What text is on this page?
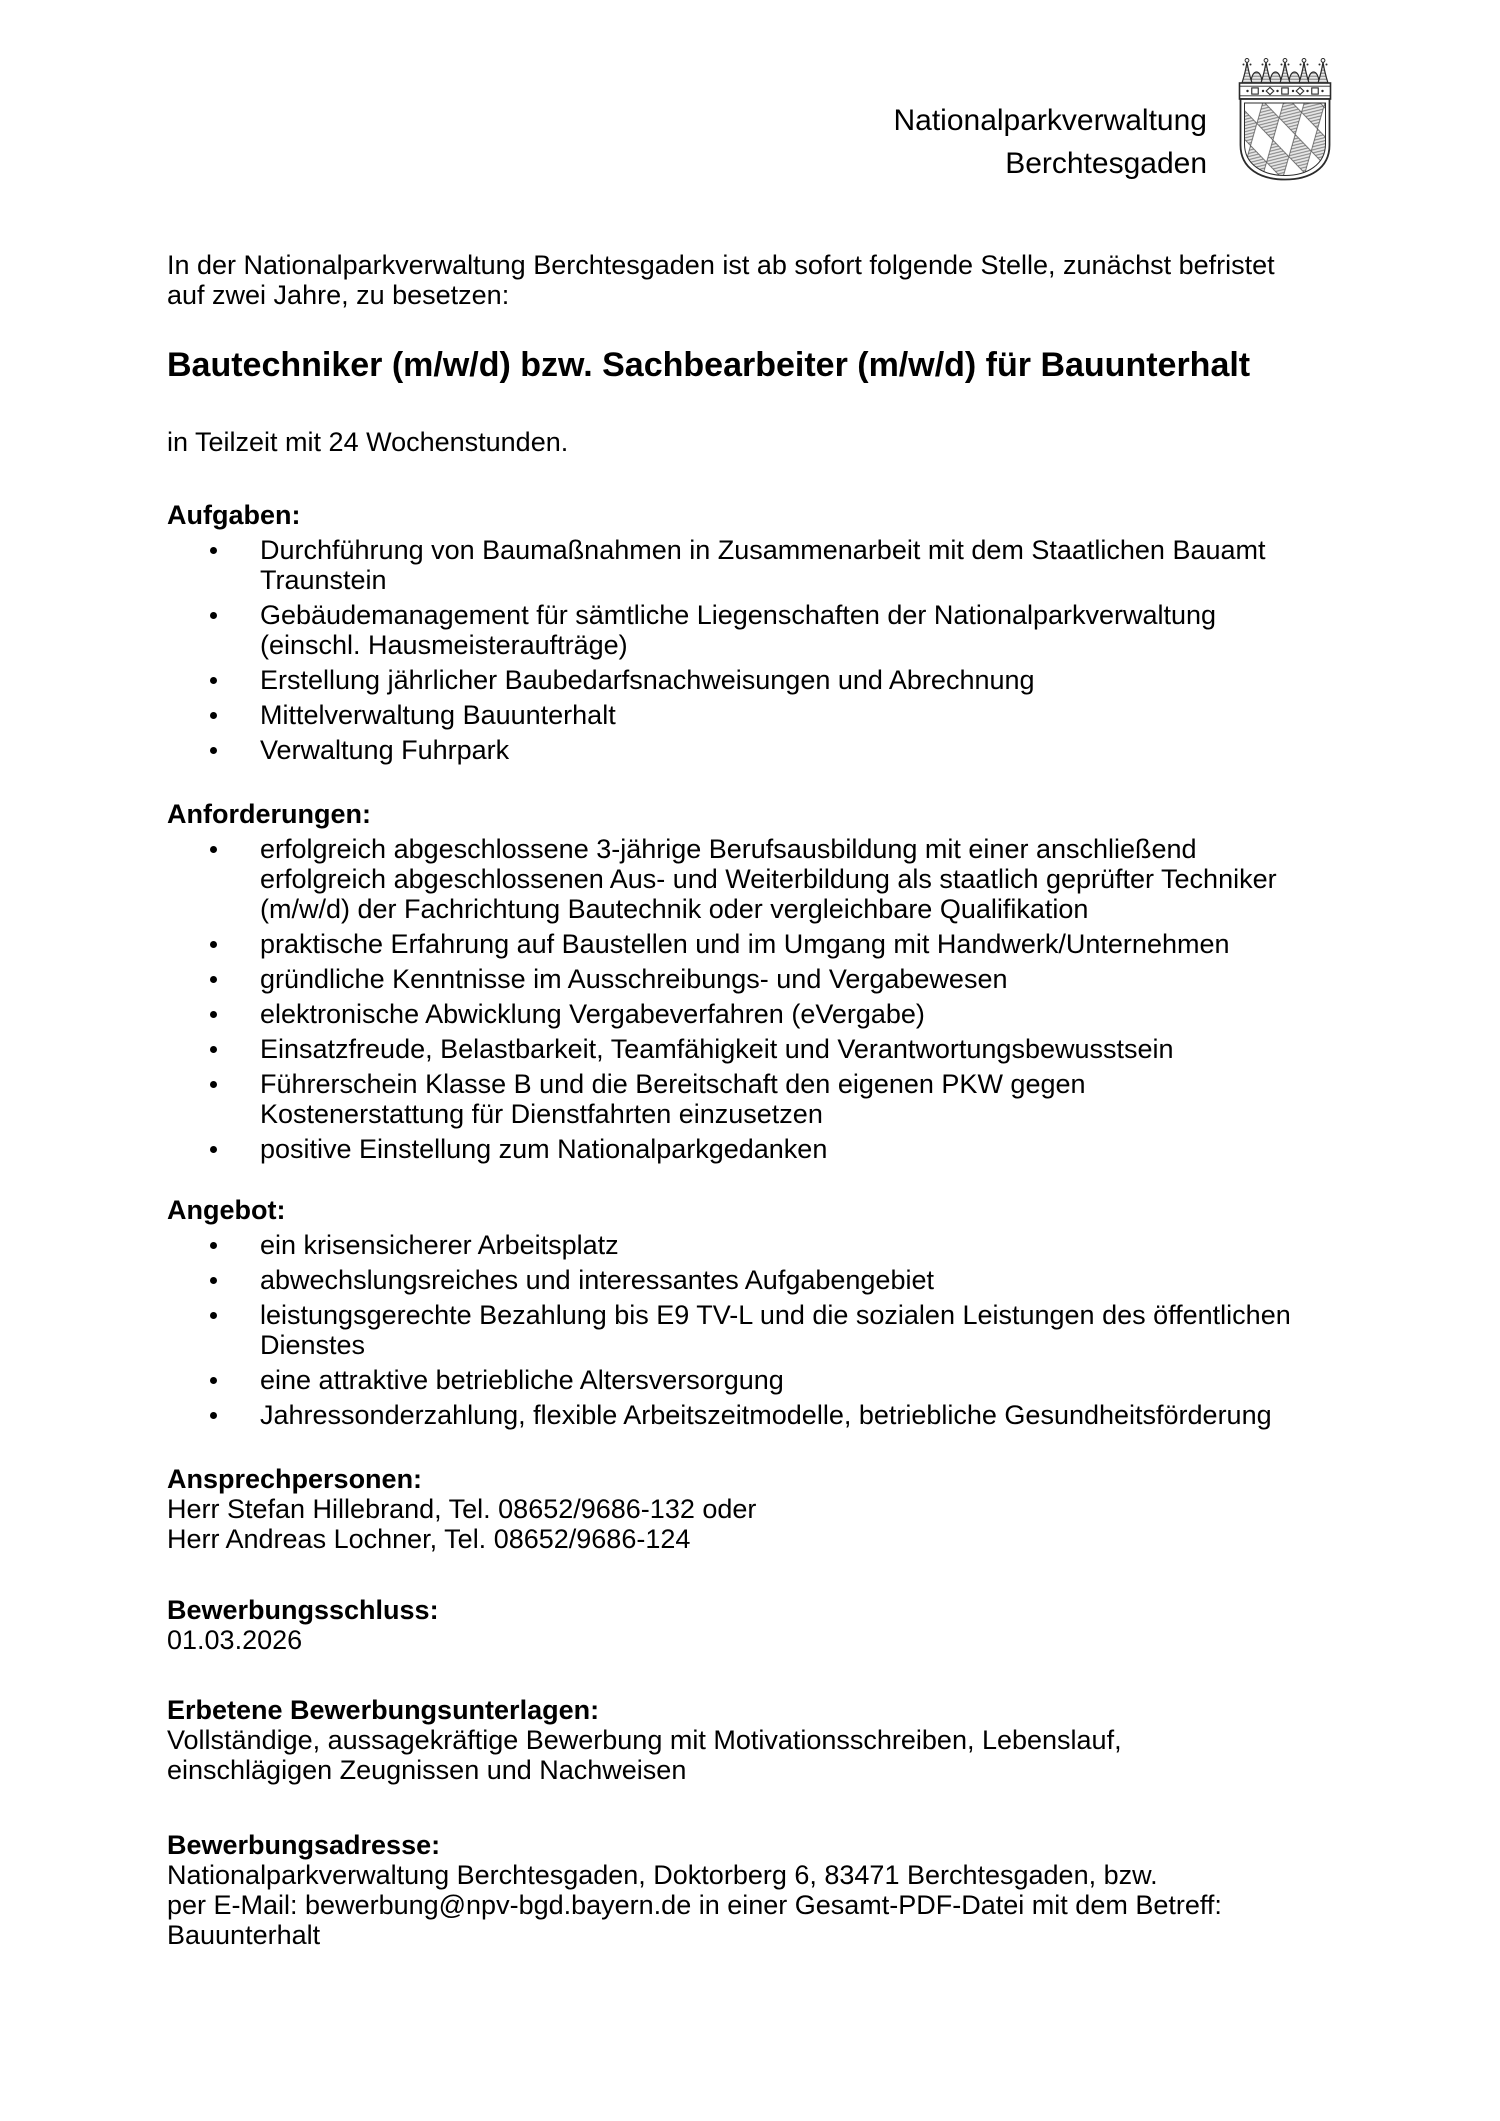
Nationalparkverwaltung
Berchtesgaden
In der Nationalparkverwaltung Berchtesgaden ist ab sofort folgende Stelle, zunächst befristet
auf zwei Jahre, zu besetzen:
Bautechniker (m/w/d) bzw. Sachbearbeiter (m/w/d) für Bauunterhalt
in Teilzeit mit 24 Wochenstunden.
Aufgaben:
Durchführung von Baumaßnahmen in Zusammenarbeit mit dem Staatlichen Bauamt
Traunstein
Gebäudemanagement für sämtliche Liegenschaften der Nationalparkverwaltung
(einschl. Hausmeisteraufträge)
Erstellung jährlicher Baubedarfsnachweisungen und Abrechnung
Mittelverwaltung Bauunterhalt
Verwaltung Fuhrpark
Anforderungen:
erfolgreich abgeschlossene 3-jährige Berufsausbildung mit einer anschließend
erfolgreich abgeschlossenen Aus- und Weiterbildung als staatlich geprüfter Techniker
(m/w/d) der Fachrichtung Bautechnik oder vergleichbare Qualifikation
praktische Erfahrung auf Baustellen und im Umgang mit Handwerk/Unternehmen
gründliche Kenntnisse im Ausschreibungs- und Vergabewesen
elektronische Abwicklung Vergabeverfahren (eVergabe)
Einsatzfreude, Belastbarkeit, Teamfähigkeit und Verantwortungsbewusstsein
Führerschein Klasse B und die Bereitschaft den eigenen PKW gegen
Kostenerstattung für Dienstfahrten einzusetzen
positive Einstellung zum Nationalparkgedanken
Angebot:
ein krisensicherer Arbeitsplatz
abwechslungsreiches und interessantes Aufgabengebiet
leistungsgerechte Bezahlung bis E9 TV-L und die sozialen Leistungen des öffentlichen
Dienstes
eine attraktive betriebliche Altersversorgung
Jahressonderzahlung, flexible Arbeitszeitmodelle, betriebliche Gesundheitsförderung
Ansprechpersonen:
Herr Stefan Hillebrand, Tel. 08652/9686-132 oder
Herr Andreas Lochner, Tel. 08652/9686-124
Bewerbungsschluss:
01.03.2026
Erbetene Bewerbungsunterlagen:
Vollständige, aussagekräftige Bewerbung mit Motivationsschreiben, Lebenslauf,
einschlägigen Zeugnissen und Nachweisen
Bewerbungsadresse:
Nationalparkverwaltung Berchtesgaden, Doktorberg 6, 83471 Berchtesgaden, bzw.
per E-Mail: bewerbung@npv-bgd.bayern.de in einer Gesamt-PDF-Datei mit dem Betreff:
Bauunterhalt
